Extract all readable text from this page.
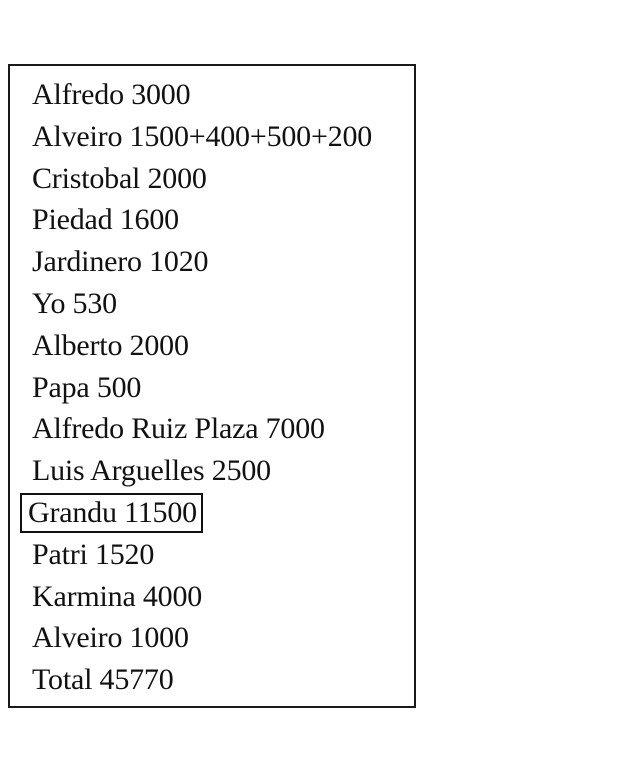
Alfredo 3000
Alveiro 1500+400+500+200
Cristobal 2000
Piedad 1600
Jardinero 1020
Yo 530
Alberto 2000
Papa 500
Alfredo Ruiz Plaza 7000
Luis Arguelles 2500
Grandu 11500
Patri 1520
Karmina 4000
Alveiro 1000
Total 45770
